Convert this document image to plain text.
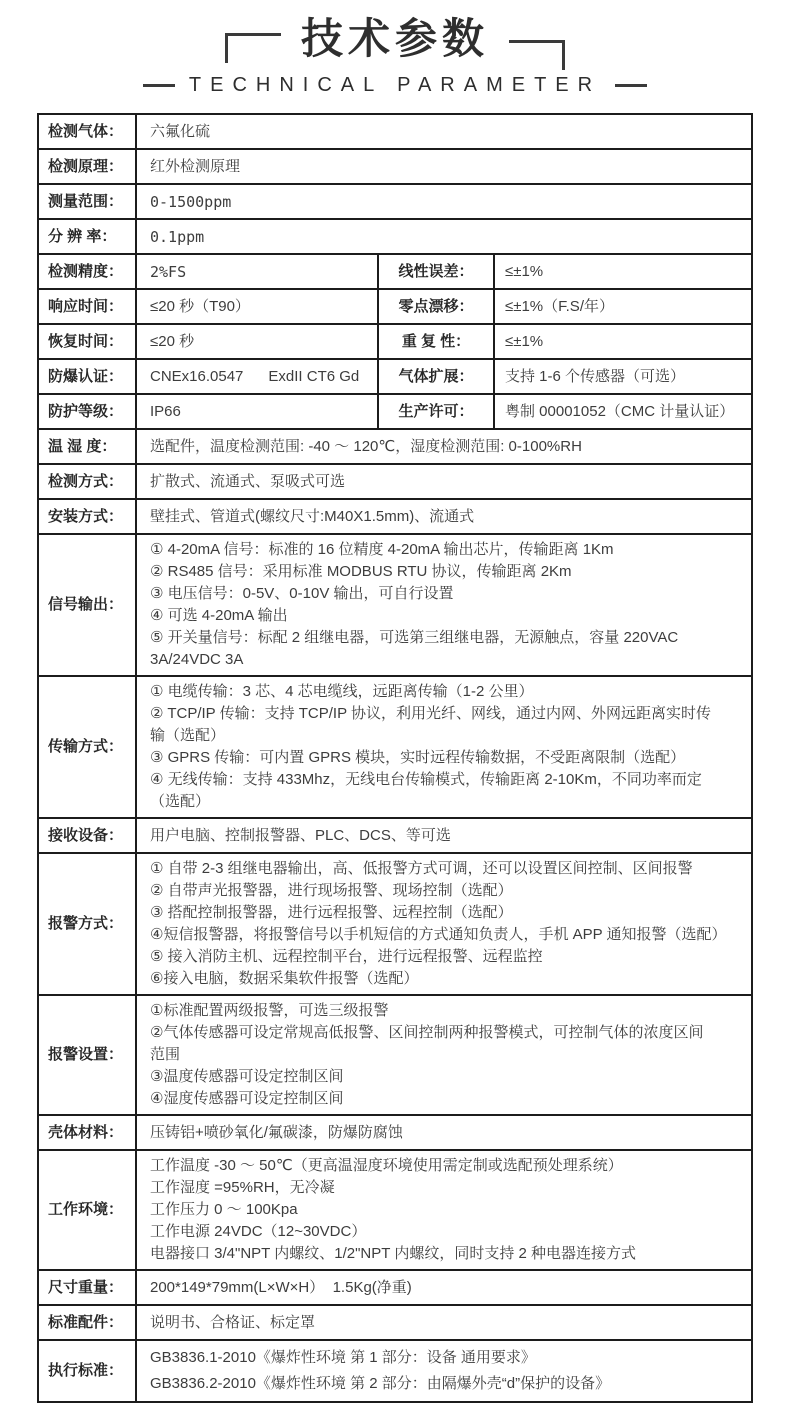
技术参数
TECHNICAL PARAMETER
检测气体：	六氟化硫
检测原理：	红外检测原理
测量范围：	0-1500ppm
分 辨 率：	0.1ppm
检测精度：	2%FS	线性误差：	≤±1%
响应时间：	≤20 秒（T90）	零点漂移：	≤±1%（F.S/年）
恢复时间：	≤20 秒	重 复 性：	≤±1%
防爆认证：	CNEx16.0547      ExdII CT6 Gd	气体扩展：	支持 1-6 个传感器（可选）
防护等级：	IP66	生产许可：	粤制 00001052（CMC 计量认证）
温 湿 度：	选配件，温度检测范围: -40 ～ 120℃，湿度检测范围: 0-100%RH
检测方式：	扩散式、流通式、泵吸式可选
安装方式：	壁挂式、管道式(螺纹尺寸:M40X1.5mm)、流通式
信号输出：
① 4-20mA 信号：标准的 16 位精度 4-20mA 输出芯片，传输距离 1Km
② RS485 信号：采用标准 MODBUS RTU 协议，传输距离 2Km
③ 电压信号：0-5V、0-10V 输出，可自行设置
④ 可选 4-20mA 输出
⑤ 开关量信号：标配 2 组继电器，可选第三组继电器，无源触点，容量 220VAC
3A/24VDC 3A
传输方式：
① 电缆传输：3 芯、4 芯电缆线，远距离传输（1-2 公里）
② TCP/IP 传输：支持 TCP/IP 协议，利用光纤、网线，通过内网、外网远距离实时传
输（选配）
③ GPRS 传输：可内置 GPRS 模块，实时远程传输数据，不受距离限制（选配）
④ 无线传输：支持 433Mhz，无线电台传输模式，传输距离 2-10Km，不同功率而定
（选配）
接收设备：	用户电脑、控制报警器、PLC、DCS、等可选
报警方式：
① 自带 2-3 组继电器输出，高、低报警方式可调，还可以设置区间控制、区间报警
② 自带声光报警器，进行现场报警、现场控制（选配）
③ 搭配控制报警器，进行远程报警、远程控制（选配）
④短信报警器，将报警信号以手机短信的方式通知负责人，手机 APP 通知报警（选配）
⑤ 接入消防主机、远程控制平台，进行远程报警、远程监控
⑥接入电脑，数据采集软件报警（选配）
报警设置：
①标准配置两级报警，可选三级报警
②气体传感器可设定常规高低报警、区间控制两种报警模式，可控制气体的浓度区间
范围
③温度传感器可设定控制区间
④湿度传感器可设定控制区间
壳体材料：	压铸铝+喷砂氧化/氟碳漆，防爆防腐蚀
工作环境：
工作温度 -30 ～ 50℃（更高温湿度环境使用需定制或选配预处理系统）
工作湿度 =95%RH，无冷凝
工作压力 0 ～ 100Kpa
工作电源 24VDC（12~30VDC）
电器接口 3/4"NPT 内螺纹、1/2"NPT 内螺纹，同时支持 2 种电器连接方式
尺寸重量：	200*149*79mm(L×W×H）  1.5Kg(净重)
标准配件：	说明书、合格证、标定罩
执行标准：
GB3836.1-2010《爆炸性环境 第 1 部分：设备 通用要求》
GB3836.2-2010《爆炸性环境 第 2 部分：由隔爆外壳“d”保护的设备》
